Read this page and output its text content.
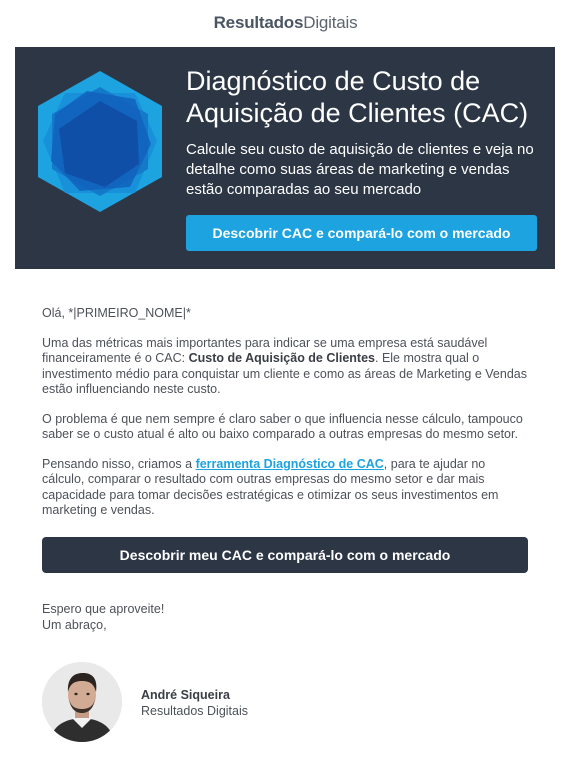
ResultadosDigitais
Diagnóstico de Custo de Aquisição de Clientes (CAC)

Calcule seu custo de aquisição de clientes e veja no detalhe como suas áreas de marketing e vendas estão comparadas ao seu mercado

Descobrir CAC e compará-lo com o mercado

Olá, *|PRIMEIRO_NOME|*

Uma das métricas mais importantes para indicar se uma empresa está saudável financeiramente é o CAC: Custo de Aquisição de Clientes. Ele mostra qual o investimento médio para conquistar um cliente e como as áreas de Marketing e Vendas estão influenciando neste custo.

O problema é que nem sempre é claro saber o que influencia nesse cálculo, tampouco saber se o custo atual é alto ou baixo comparado a outras empresas do mesmo setor.

Pensando nisso, criamos a ferramenta Diagnóstico de CAC, para te ajudar no cálculo, comparar o resultado com outras empresas do mesmo setor e dar mais capacidade para tomar decisões estratégicas e otimizar os seus investimentos em marketing e vendas.

Descobrir meu CAC e compará-lo com o mercado
Espero que aproveite!
Um abraço,
André Siqueira
Resultados Digitais
